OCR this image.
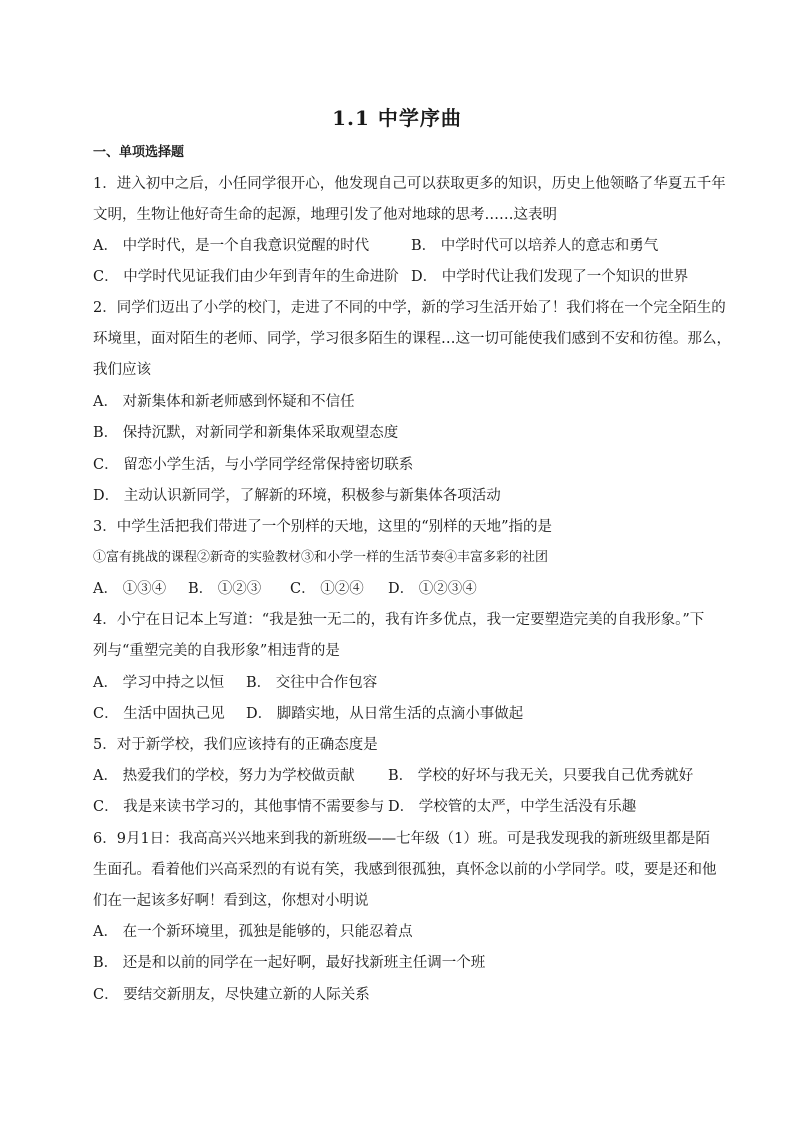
1.1 中学序曲
一、单项选择题
1．进入初中之后，小任同学很开心，他发现自己可以获取更多的知识，历史上他领略了华夏五千年
文明，生物让他好奇生命的起源，地理引发了他对地球的思考……这表明
A． 中学时代，是一个自我意识觉醒的时代	B． 中学时代可以培养人的意志和勇气
C． 中学时代见证我们由少年到青年的生命进阶 D． 中学时代让我们发现了一个知识的世界
2．同学们迈出了小学的校门，走进了不同的中学，新的学习生活开始了！我们将在一个完全陌生的
环境里，面对陌生的老师、同学，学习很多陌生的课程…这一切可能使我们感到不安和彷徨。那么，
我们应该
A． 对新集体和新老师感到怀疑和不信任
B． 保持沉默，对新同学和新集体采取观望态度
C． 留恋小学生活，与小学同学经常保持密切联系
D． 主动认识新同学，了解新的环境，积极参与新集体各项活动
3．中学生活把我们带进了一个别样的天地，这里的“别样的天地”指的是
①富有挑战的课程②新奇的实验教材③和小学一样的生活节奏④丰富多彩的社团
A． ①③④ B． ①②③ C． ①②④ D． ①②③④
4．小宁在日记本上写道：“我是独一无二的，我有许多优点，我一定要塑造完美的自我形象。”下
列与“重塑完美的自我形象”相违背的是
A． 学习中持之以恒 B． 交往中合作包容
C． 生活中固执己见 D． 脚踏实地，从日常生活的点滴小事做起
5．对于新学校，我们应该持有的正确态度是
A． 热爱我们的学校，努力为学校做贡献 B． 学校的好坏与我无关，只要我自己优秀就好
C． 我是来读书学习的，其他事情不需要参与 D． 学校管的太严，中学生活没有乐趣
6．9月1日：我高高兴兴地来到我的新班级——七年级（1）班。可是我发现我的新班级里都是陌
生面孔。看着他们兴高采烈的有说有笑，我感到很孤独，真怀念以前的小学同学。哎，要是还和他
们在一起该多好啊！看到这，你想对小明说
A． 在一个新环境里，孤独是能够的，只能忍着点
B． 还是和以前的同学在一起好啊，最好找新班主任调一个班
C． 要结交新朋友，尽快建立新的人际关系
